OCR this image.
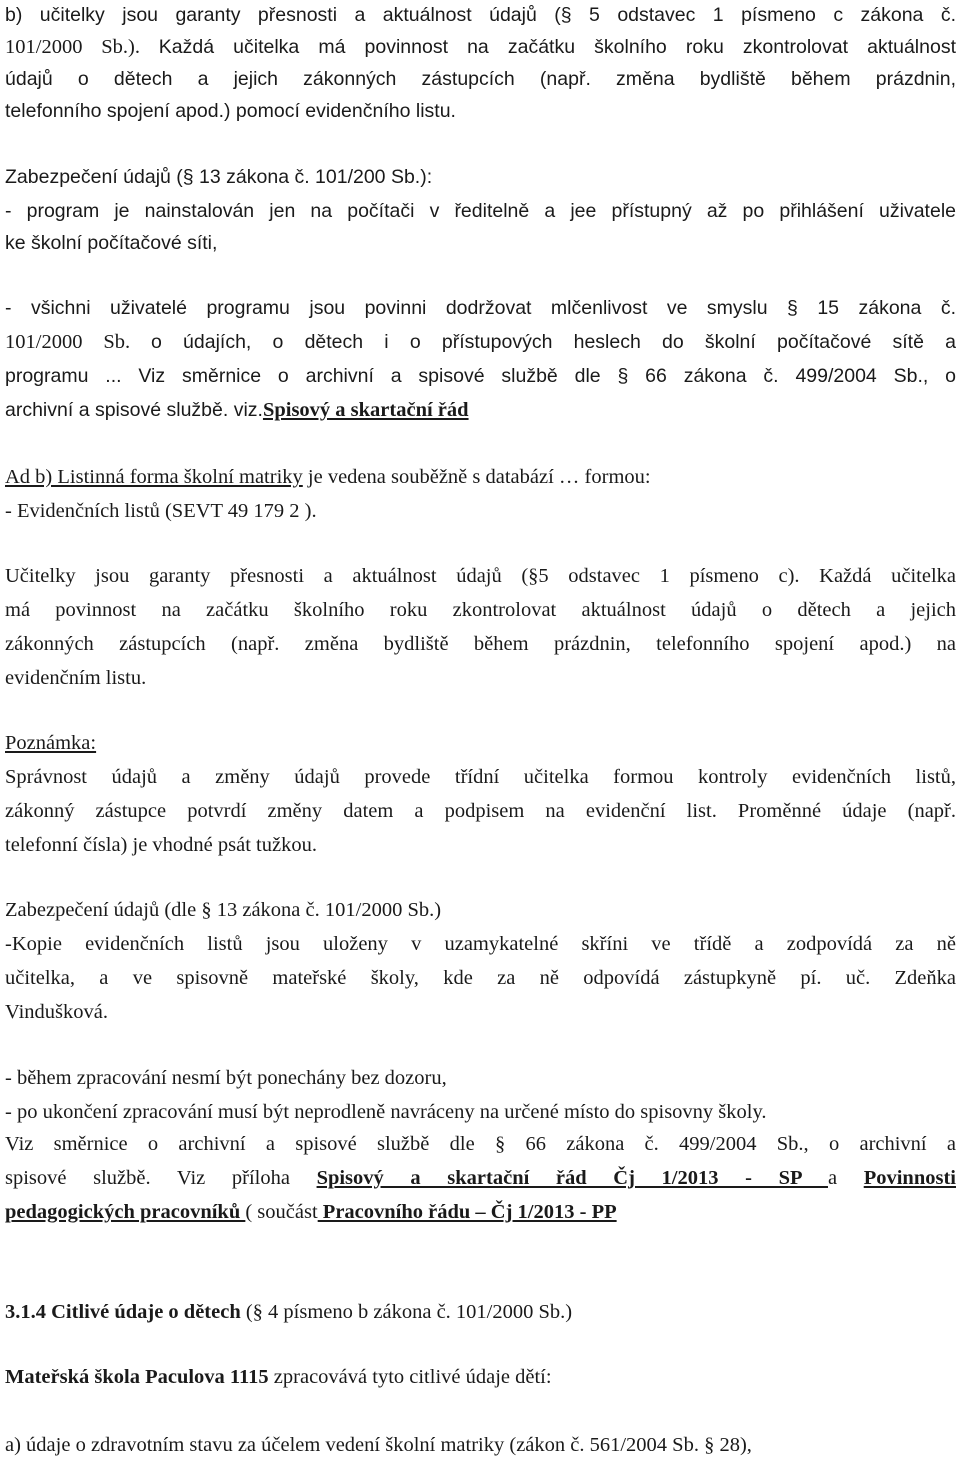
b) učitelky jsou garanty přesnosti a aktuálnost údajů (§ 5 odstavec 1 písmeno c zákona č.
101/2000 Sb.). Každá učitelka má povinnost na začátku školního roku zkontrolovat aktuálnost
údajů o dětech a jejich zákonných zástupcích (např. změna bydliště během prázdnin,
telefonního spojení apod.) pomocí evidenčního listu.
Zabezpečení údajů (§ 13 zákona č. 101/200 Sb.):
- program je nainstalován jen na počítači v ředitelně a jee přístupný až po přihlášení uživatele
ke školní počítačové síti,
- všichni uživatelé programu jsou povinni dodržovat mlčenlivost ve smyslu § 15 zákona č.
101/2000 Sb. o údajích, o dětech i o přístupových heslech do školní počítačové sítě a
programu ... Viz směrnice o archivní a spisové službě dle § 66 zákona č. 499/2004 Sb., o
archivní a spisové službě. viz.Spisový a skartační řád
Ad b) Listinná forma školní matriky je vedena souběžně s databází … formou:
- Evidenčních listů (SEVT 49 179 2 ).
Učitelky jsou garanty přesnosti a aktuálnost údajů (§5 odstavec 1 písmeno c). Každá učitelka
má povinnost na začátku školního roku zkontrolovat aktuálnost údajů o dětech a jejich
zákonných zástupcích (např. změna bydliště během prázdnin, telefonního spojení apod.) na
evidenčním listu.
Poznámka:
Správnost údajů a změny údajů provede třídní učitelka formou kontroly evidenčních listů,
zákonný zástupce potvrdí změny datem a podpisem na evidenční list. Proměnné údaje (např.
telefonní čísla) je vhodné psát tužkou.
Zabezpečení údajů (dle § 13 zákona č. 101/2000 Sb.)
-Kopie evidenčních listů jsou uloženy v uzamykatelné skříni ve třídě a zodpovídá za ně
učitelka, a ve spisovně mateřské školy, kde za ně odpovídá zástupkyně pí. uč. Zdeňka
Vindušková.
- během zpracování nesmí být ponechány bez dozoru,
- po ukončení zpracování musí být neprodleně navráceny na určené místo do spisovny školy.
Viz směrnice o archivní a spisové službě dle § 66 zákona č. 499/2004 Sb., o archivní a
spisové službě. Viz příloha Spisový a skartační řád Čj 1/2013 - SP a Povinnosti
pedagogických pracovníků ( součást Pracovního řádu – Čj 1/2013 - PP
3.1.4 Citlivé údaje o dětech (§ 4 písmeno b zákona č. 101/2000 Sb.)
Mateřská škola Paculova 1115 zpracovává tyto citlivé údaje dětí:
a) údaje o zdravotním stavu za účelem vedení školní matriky (zákon č. 561/2004 Sb. § 28),
